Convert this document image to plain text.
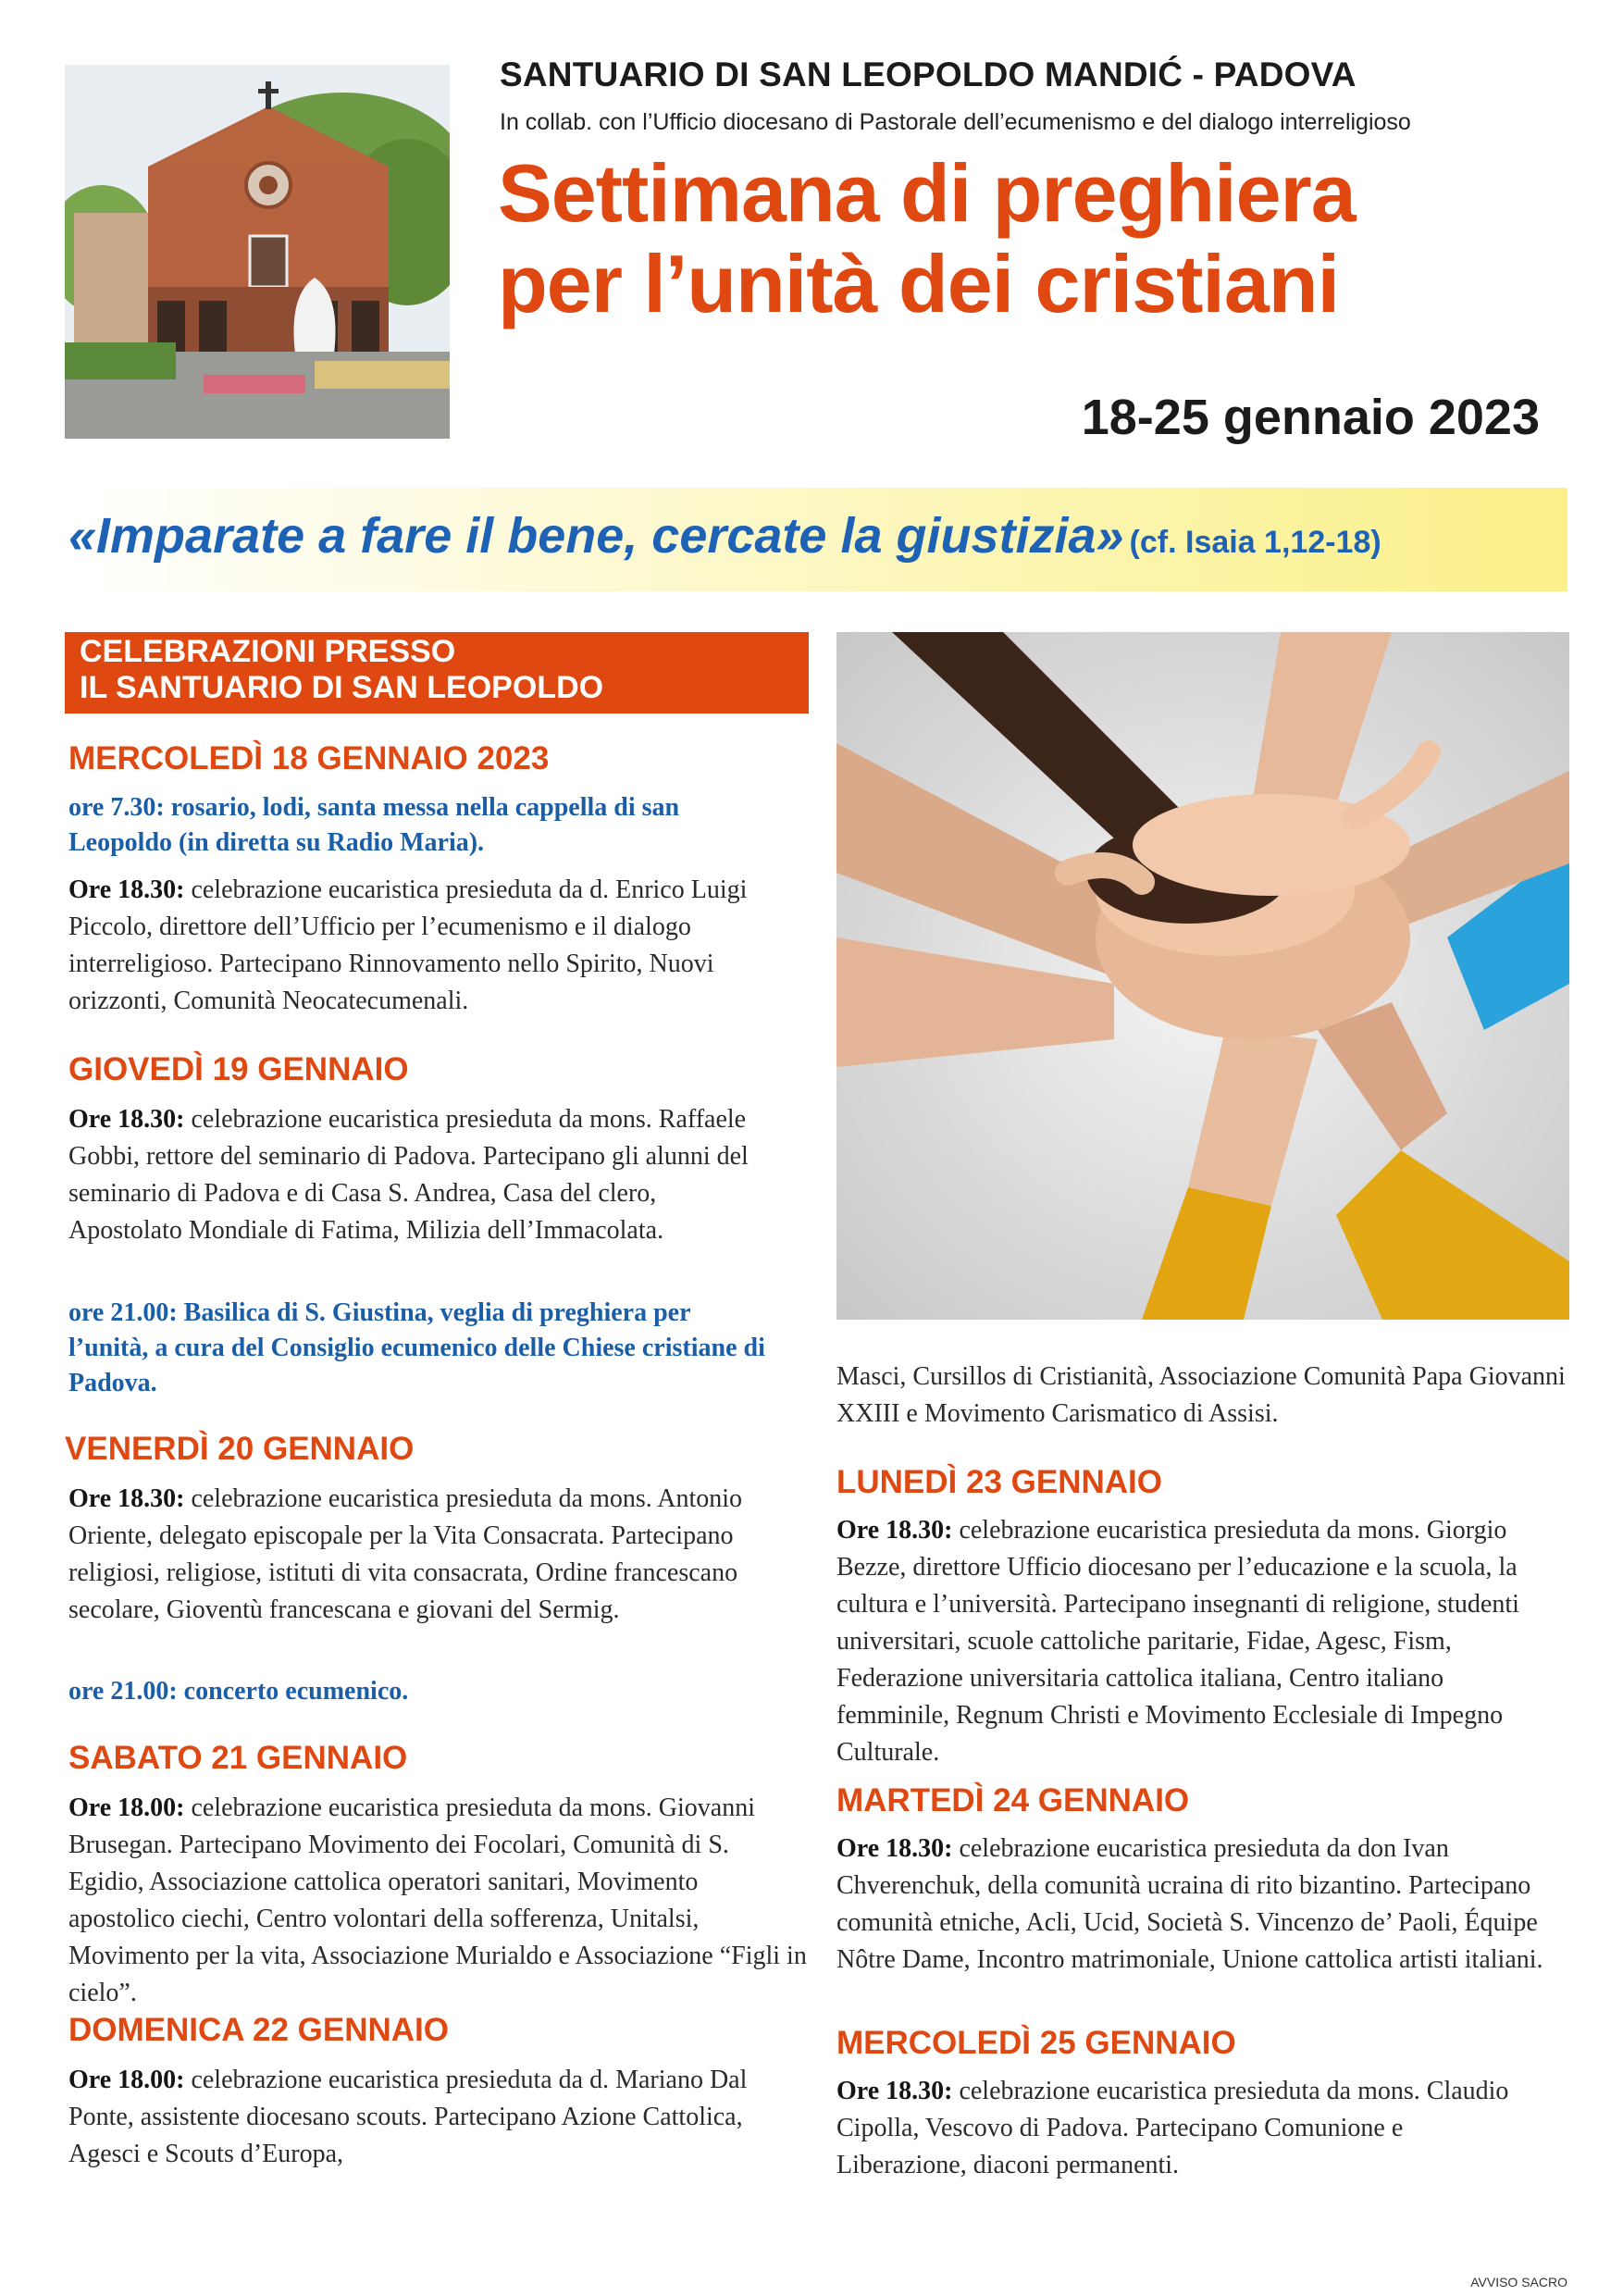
SANTUARIO DI SAN LEOPOLDO MANDIĆ - PADOVA
In collab. con l’Ufficio diocesano di Pastorale dell’ecumenismo e del dialogo interreligioso
Settimana di preghiera
per l’unità dei cristiani
18-25 gennaio 2023
«Imparate a fare il bene, cercate la giustizia» (cf. Isaia 1,12-18)
CELEBRAZIONI PRESSO
IL SANTUARIO DI SAN LEOPOLDO
MERCOLEDÌ 18 GENNAIO 2023
ore 7.30: rosario, lodi, santa messa nella cappella di san Leopoldo (in diretta su Radio Maria).
Ore 18.30: celebrazione eucaristica presieduta da d. Enrico Luigi Piccolo, direttore dell’Ufficio per l’ecumenismo e il dialogo interreligioso. Partecipano Rinnovamento nello Spirito, Nuovi orizzonti, Comunità Neocatecumenali.
GIOVEDÌ 19 GENNAIO
Ore 18.30: celebrazione eucaristica presieduta da mons. Raffaele Gobbi, rettore del seminario di Padova. Partecipano gli alunni del seminario di Padova e di Casa S. Andrea, Casa del clero, Apostolato Mondiale di Fatima, Milizia dell’Immacolata.
ore 21.00: Basilica di S. Giustina, veglia di preghiera per l’unità, a cura del Consiglio ecumenico delle Chiese cristiane di Padova.
VENERDÌ 20 GENNAIO
Ore 18.30: celebrazione eucaristica presieduta da mons. Antonio Oriente, delegato episcopale per la Vita Consacrata. Partecipano religiosi, religiose, istituti di vita consacrata, Ordine francescano secolare, Gioventù francescana e giovani del Sermig.
ore 21.00: concerto ecumenico.
SABATO 21 GENNAIO
Ore 18.00: celebrazione eucaristica presieduta da mons. Giovanni Brusegan. Partecipano Movimento dei Focolari, Comunità di S. Egidio, Associazione cattolica operatori sanitari, Movimento apostolico ciechi, Centro volontari della sofferenza, Unitalsi, Movimento per la vita, Associazione Murialdo e Associazione “Figli in cielo”.
DOMENICA 22 GENNAIO
Ore 18.00: celebrazione eucaristica presieduta da d. Mariano Dal Ponte, assistente diocesano scouts. Partecipano Azione Cattolica, Agesci e Scouts d’Europa,
Masci, Cursillos di Cristianità, Associazione Comunità Papa Giovanni XXIII e Movimento Carismatico di Assisi.
LUNEDÌ 23 GENNAIO
Ore 18.30: celebrazione eucaristica presieduta da mons. Giorgio Bezze, direttore Ufficio diocesano per l’educazione e la scuola, la cultura e l’università. Partecipano insegnanti di religione, studenti universitari, scuole cattoliche paritarie, Fidae, Agesc, Fism, Federazione universitaria cattolica italiana, Centro italiano femminile, Regnum Christi e Movimento Ecclesiale di Impegno Culturale.
MARTEDÌ 24 GENNAIO
Ore 18.30: celebrazione eucaristica presieduta da don Ivan Chverenchuk, della comunità ucraina di rito bizantino. Partecipano comunità etniche, Acli, Ucid, Società S. Vincenzo de’ Paoli, Équipe Nôtre Dame, Incontro matrimoniale, Unione cattolica artisti italiani.
MERCOLEDÌ 25 GENNAIO
Ore 18.30: celebrazione eucaristica presieduta da mons. Claudio Cipolla, Vescovo di Padova. Partecipano Comunione e Liberazione, diaconi permanenti.
AVVISO SACRO
